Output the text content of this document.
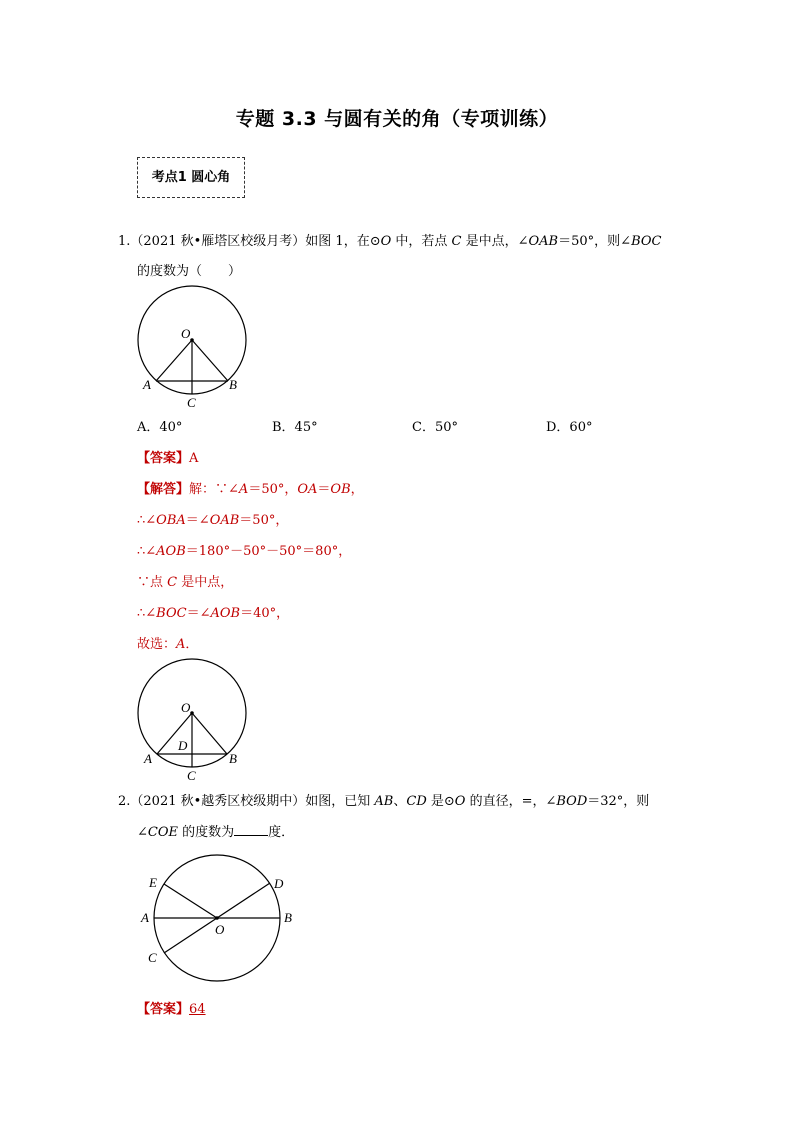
专题 3.3 与圆有关的角（专项训练）
考点1 圆心角
1.（2021 秋•雁塔区校级月考）如图 1，在⊙O 中，若点 C 是中点，∠OAB＝50°，则∠BOC
的度数为（　　）
O
A	B
C
A．40°	B．45°	C．50°	D．60°
【答案】A
【解答】解：∵∠A＝50°，OA＝OB，
∴∠OBA＝∠OAB＝50°，
∴∠AOB＝180°－50°－50°＝80°，
∵点 C 是中点，
∴∠BOC＝∠AOB＝40°，
故选：A．
O
D
A	B
C
2.（2021 秋•越秀区校级期中）如图，已知 AB、CD 是⊙O 的直径，=，∠BOD＝32°，则
∠COE 的度数为	度．
E	D
A	B
O
C
【答案】64
